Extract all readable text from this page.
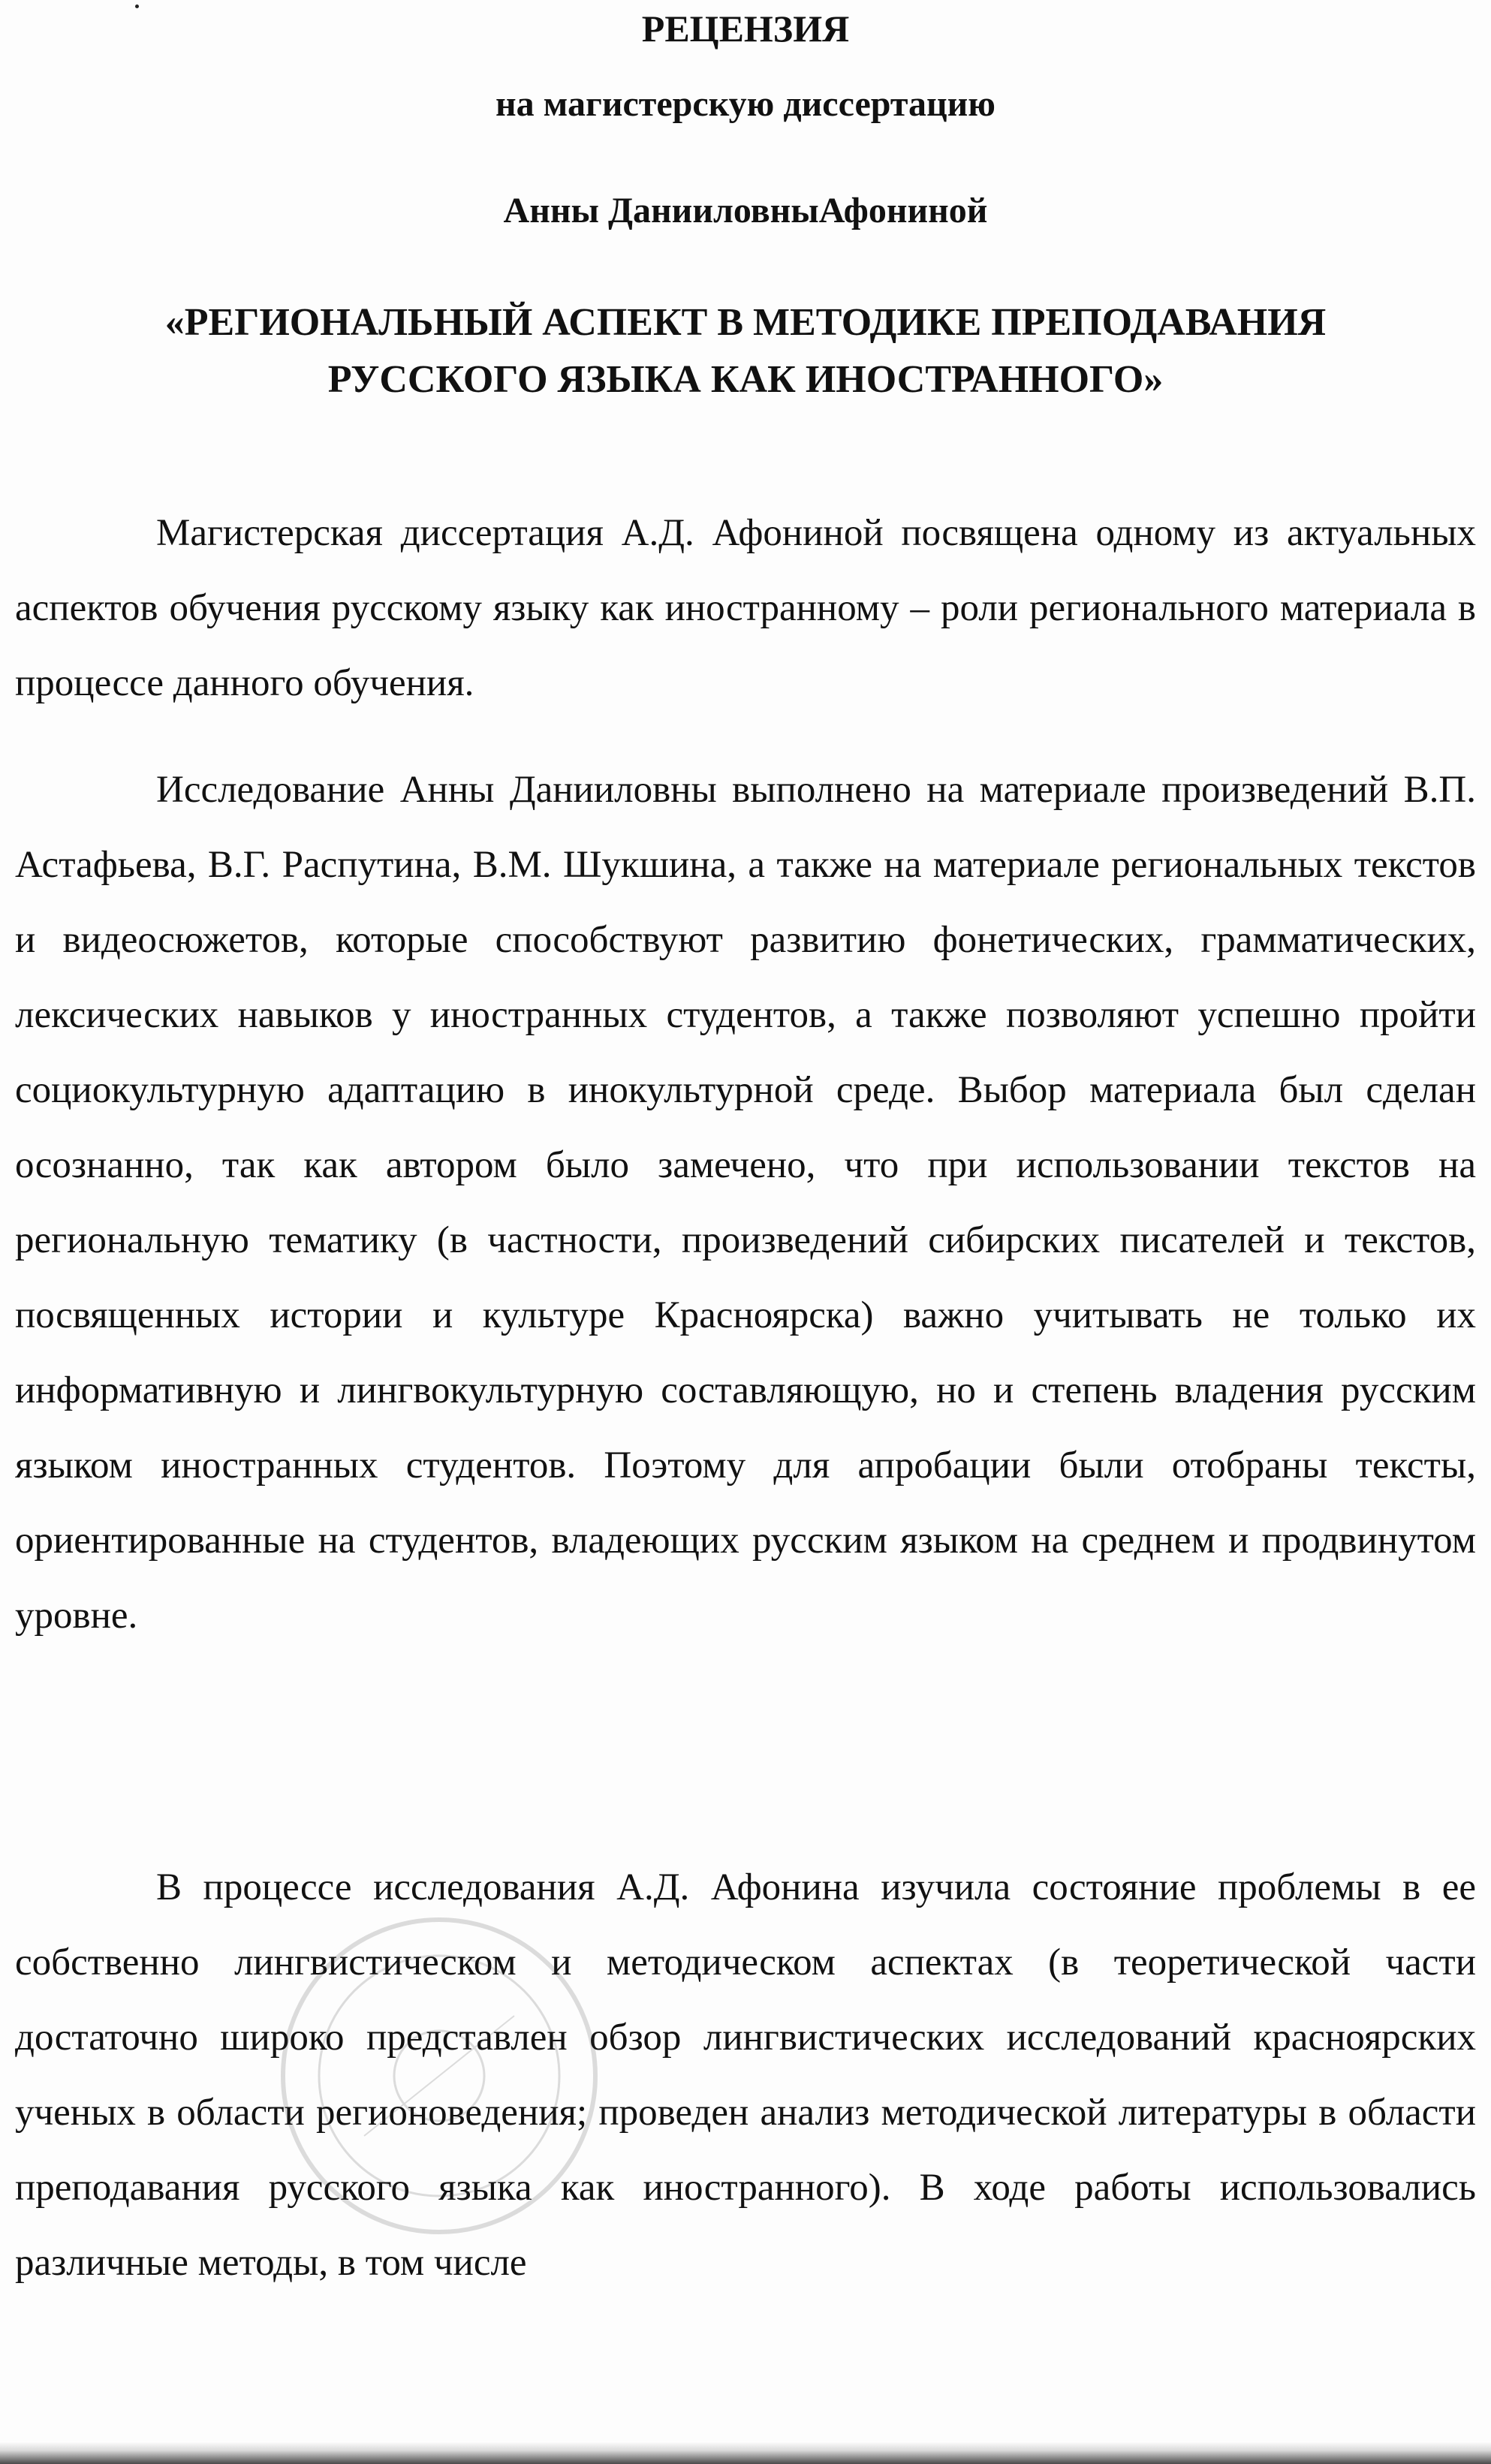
РЕЦЕНЗИЯ
на магистерскую диссертацию
Анны ДанииловныАфониной
«РЕГИОНАЛЬНЫЙ АСПЕКТ В МЕТОДИКЕ ПРЕПОДАВАНИЯ
РУССКОГО ЯЗЫКА КАК ИНОСТРАННОГО»

Магистерская диссертация А.Д. Афониной посвящена одному из актуальных аспектов обучения русскому языку как иностранному – роли регионального материала в процессе данного обучения.

Исследование Анны Данииловны выполнено на материале произведений В.П. Астафьева, В.Г. Распутина, В.М. Шукшина, а также на материале региональных текстов и видеосюжетов, которые способствуют развитию фонетических, грамматических, лексических навыков у иностранных студентов, а также позволяют успешно пройти социокультурную адаптацию в инокультурной среде. Выбор материала был сделан осознанно, так как автором было замечено, что при использовании текстов на региональную тематику (в частности, произведений сибирских писателей и текстов, посвященных истории и культуре Красноярска) важно учитывать не только их информативную и лингвокультурную составляющую, но и степень владения русским языком иностранных студентов. Поэтому для апробации были отобраны тексты, ориентированные на студентов, владеющих русским языком на среднем и продвинутом уровне.

В процессе исследования А.Д. Афонина изучила состояние проблемы в ее собственно лингвистическом и методическом аспектах (в теоретической части достаточно широко представлен обзор лингвистических исследований красноярских ученых в области регионоведения; проведен анализ методической литературы в области преподавания русского языка как иностранного). В ходе работы использовались различные методы, в том числе
